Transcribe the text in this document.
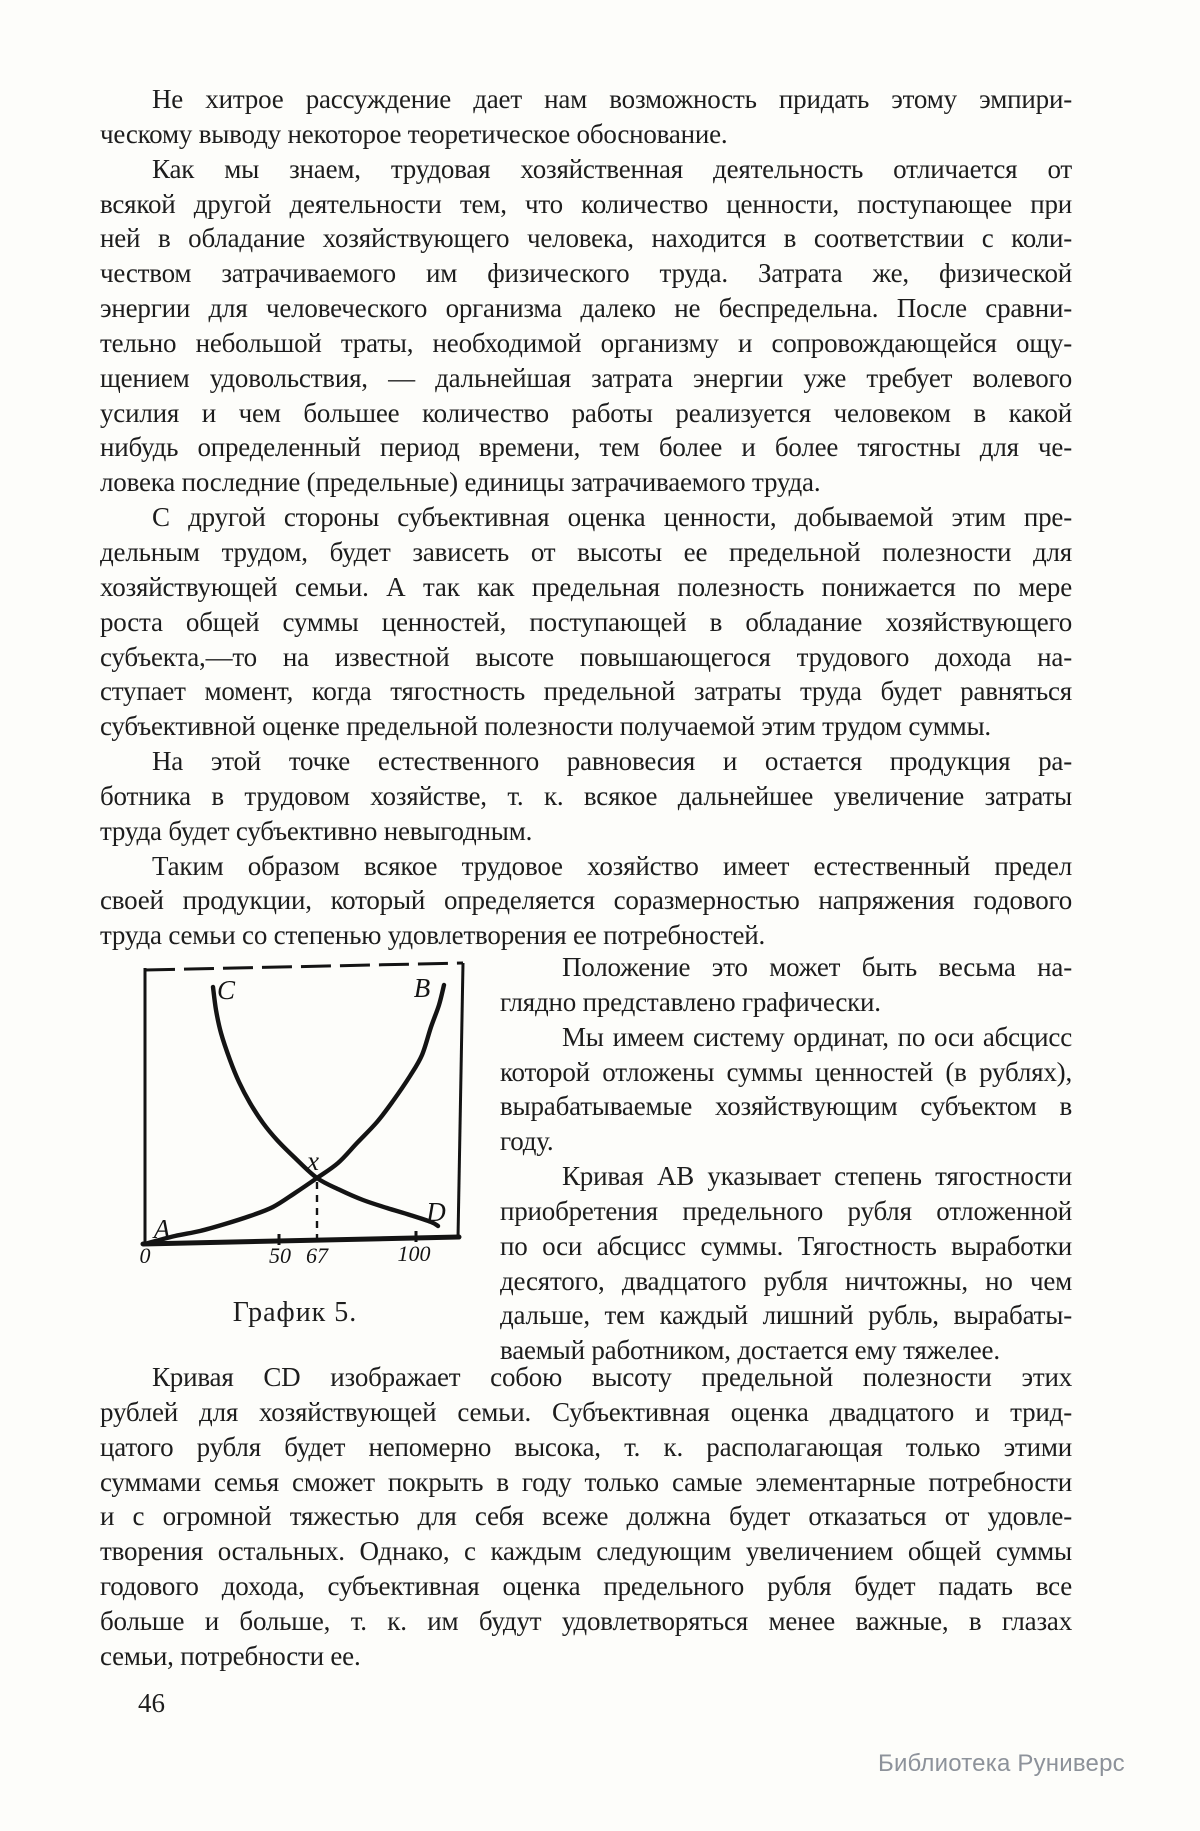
Не хитрое рассуждение дает нам возможность придать этому эмпири-
ческому выводу некоторое теоретическое обоснование.
Как мы знаем, трудовая хозяйственная деятельность отличается от
всякой другой деятельности тем, что количество ценности, поступающее при
ней в обладание хозяйствующего человека, находится в соответствии с коли-
чеством затрачиваемого им физического труда. Затрата же, физической
энергии для человеческого организма далеко не беспредельна. После сравни-
тельно небольшой траты, необходимой организму и сопровождающейся ощу-
щением удовольствия, — дальнейшая затрата энергии уже требует волевого
усилия и чем большее количество работы реализуется человеком в какой
нибудь определенный период времени, тем более и более тягостны для че-
ловека последние (предельные) единицы затрачиваемого труда.
С другой стороны субъективная оценка ценности, добываемой этим пре-
дельным трудом, будет зависеть от высоты ее предельной полезности для
хозяйствующей семьи. А так как предельная полезность понижается по мере
роста общей суммы ценностей, поступающей в обладание хозяйствующего
субъекта,—то на известной высоте повышающегося трудового дохода на-
ступает момент, когда тягостность предельной затраты труда будет равняться
субъективной оценке предельной полезности получаемой этим трудом суммы.
На этой точке естественного равновесия и остается продукция ра-
ботника в трудовом хозяйстве, т. к. всякое дальнейшее увеличение затраты
труда будет субъективно невыгодным.
Таким образом всякое трудовое хозяйство имеет естественный предел
своей продукции, который определяется соразмерностью напряжения годового
труда семьи со степенью удовлетворения ее потребностей.
C	B
A
D
x
0	50 67	100
График 5.
Положение это может быть весьма на-
глядно представлено графически.
Мы имеем систему ординат, по оси абсцисс
которой отложены суммы ценностей (в рублях),
вырабатываемые хозяйствующим субъектом в
году.
Кривая AB указывает степень тягостности
приобретения предельного рубля отложенной
по оси абсцисс суммы. Тягостность выработки
десятого, двадцатого рубля ничтожны, но чем
дальше, тем каждый лишний рубль, вырабаты-
ваемый работником, достается ему тяжелее.
Кривая CD изображает собою высоту предельной полезности этих
рублей для хозяйствующей семьи. Субъективная оценка двадцатого и трид-
цатого рубля будет непомерно высока, т. к. располагающая только этими
суммами семья сможет покрыть в году только самые элементарные потребности
и с огромной тяжестью для себя всеже должна будет отказаться от удовле-
творения остальных. Однако, с каждым следующим увеличением общей суммы
годового дохода, субъективная оценка предельного рубля будет падать все
больше и больше, т. к. им будут удовлетворяться менее важные, в глазах
семьи, потребности ее.
46
Библиотека Руниверс
